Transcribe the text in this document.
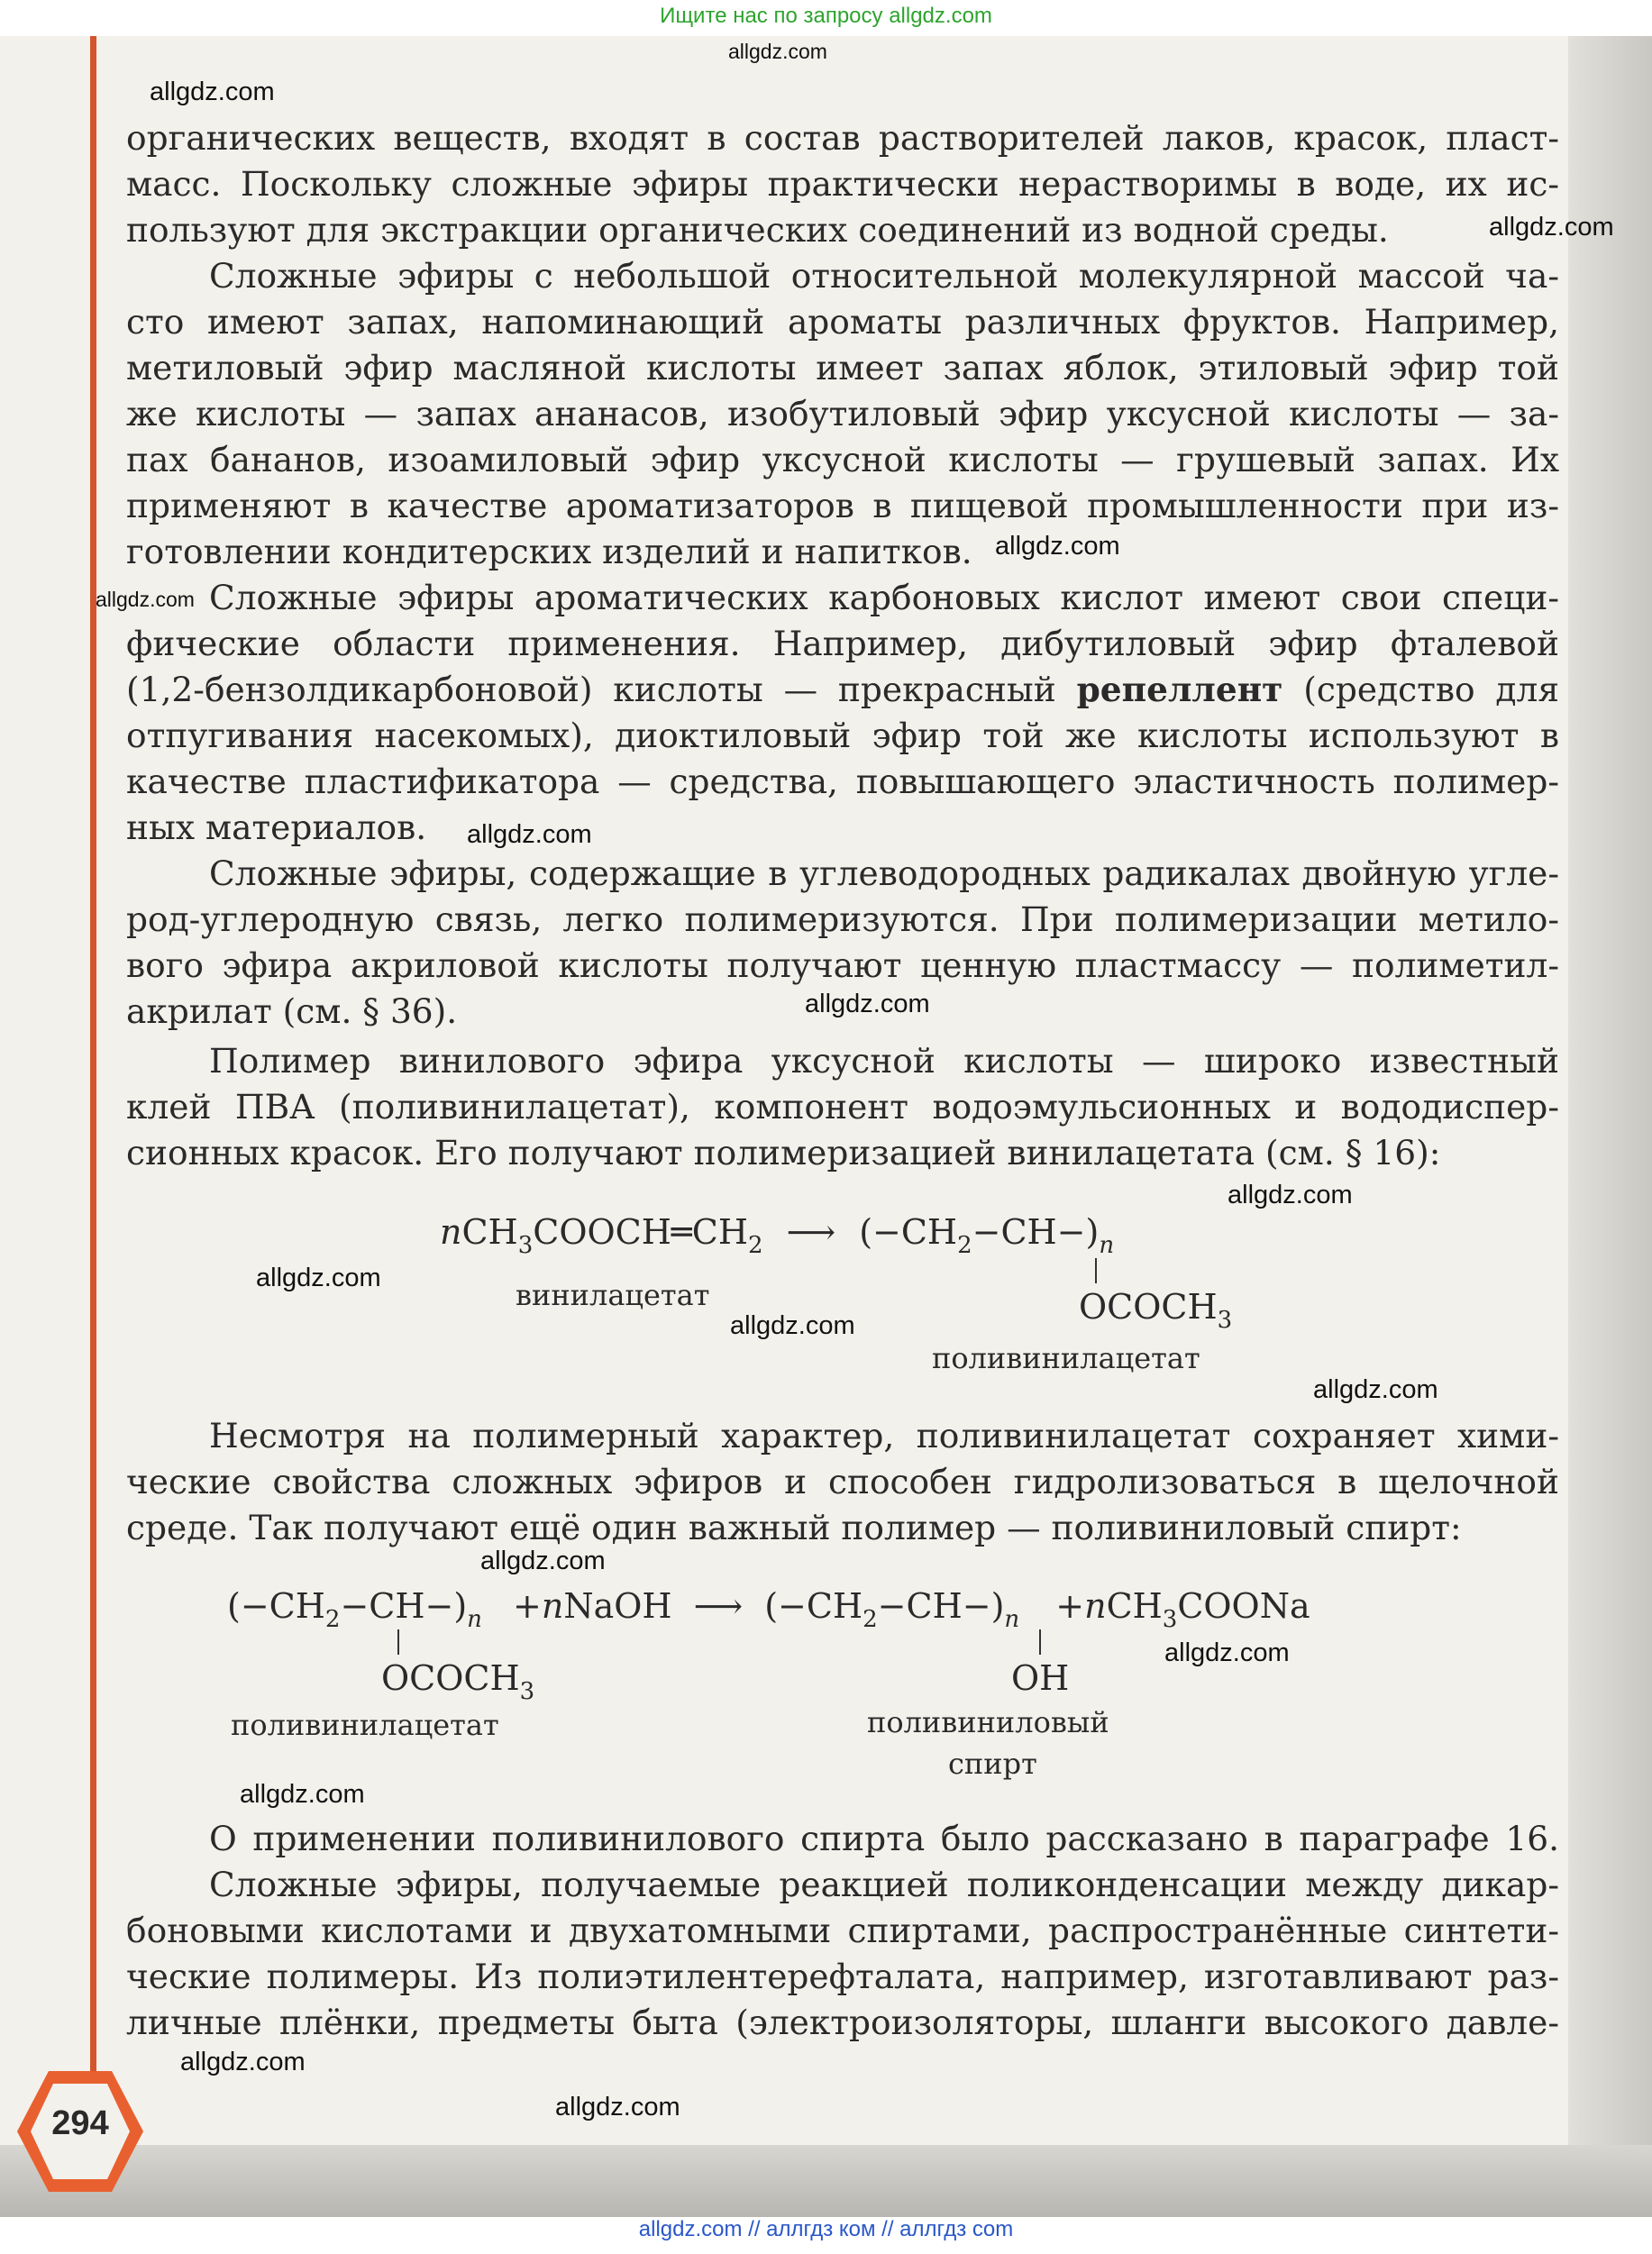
Ищите нас по запросу allgdz.com
органических веществ, входят в состав растворителей лаков, красок, пласт-
масс. Поскольку сложные эфиры практически нерастворимы в воде, их ис-
пользуют для экстракции органических соединений из водной среды.
Сложные эфиры с небольшой относительной молекулярной массой ча-
сто имеют запах, напоминающий ароматы различных фруктов. Например,
метиловый эфир масляной кислоты имеет запах яблок, этиловый эфир той
же кислоты — запах ананасов, изобутиловый эфир уксусной кислоты — за-
пах бананов, изоамиловый эфир уксусной кислоты — грушевый запах. Их
применяют в качестве ароматизаторов в пищевой промышленности при из-
готовлении кондитерских изделий и напитков.
Сложные эфиры ароматических карбоновых кислот имеют свои специ-
фические области применения. Например, дибутиловый эфир фталевой
(1,2-бензолдикарбоновой) кислоты — прекрасный репеллент (средство для
отпугивания насекомых), диоктиловый эфир той же кислоты используют в
качестве пластификатора — средства, повышающего эластичность полимер-
ных материалов.
Сложные эфиры, содержащие в углеводородных радикалах двойную угле-
род-углеродную связь, легко полимеризуются. При полимеризации метило-
вого эфира акриловой кислоты получают ценную пластмассу — полиметил-
акрилат (см. § 36).
Полимер винилового эфира уксусной кислоты — широко известный
клей ПВА (поливинилацетат), компонент водоэмульсионных и вододиспер-
сионных красок. Его получают полимеризацией винилацетата (см. § 16):
$nCH_3COOCH═CH_2$ ⟶ $(-CH_2-CH-)_n$
$OCOCH_3$
винилацетат
поливинилацетат
Несмотря на полимерный характер, поливинилацетат сохраняет хими-
ческие свойства сложных эфиров и способен гидролизоваться в щелочной
среде. Так получают ещё один важный полимер — поливиниловый спирт:
$(-CH_2-CH-)_n$ +nNaOH ⟶ $(-CH_2-CH-)_n$ +nCH$_3$COONa
$OCOCH_3$	OH
поливинилацетат	поливиниловый
спирт
О применении поливинилового спирта было рассказано в параграфе 16.
Сложные эфиры, получаемые реакцией поликонденсации между дикар-
боновыми кислотами и двухатомными спиртами, распространённые синтети-
ческие полимеры. Из полиэтилентерефталата, например, изготавливают раз-
личные плёнки, предметы быта (электроизоляторы, шланги высокого давле-
294
allgdz.com
allgdz.com
allgdz.com
allgdz.com
allgdz.com
allgdz.com
allgdz.com
allgdz.com
allgdz.com
allgdz.com
allgdz.com
allgdz.com
allgdz.com
allgdz.com
allgdz.com
allgdz.com
allgdz.com // аллгдз ком // аллгдз com
